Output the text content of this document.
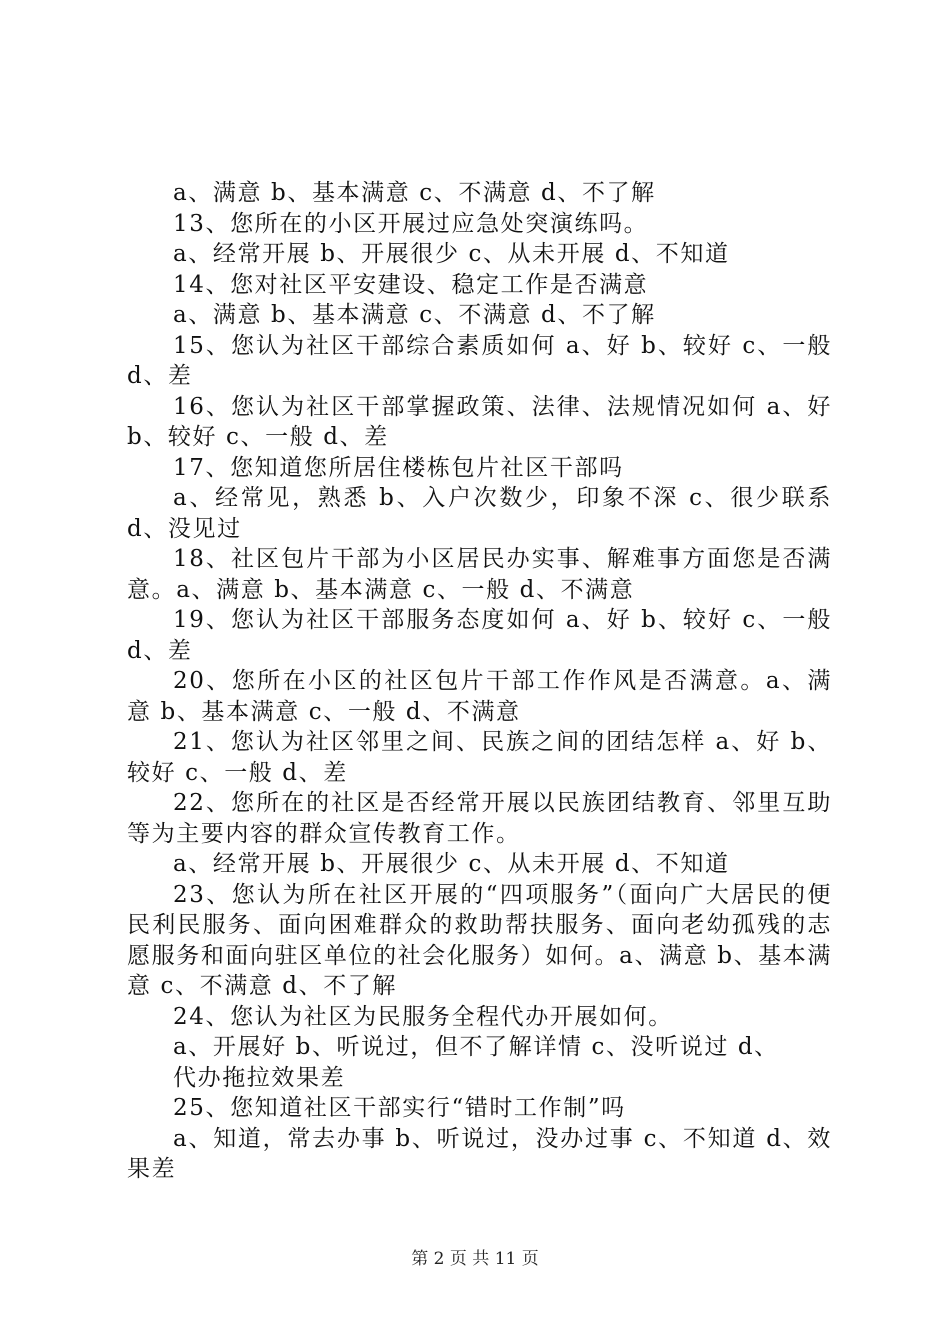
a、满意 b、基本满意 c、不满意 d、不了解

13、您所在的小区开展过应急处突演练吗。

a、经常开展 b、开展很少 c、从未开展 d、不知道

14、您对社区平安建设、稳定工作是否满意

a、满意 b、基本满意 c、不满意 d、不了解

15、您认为社区干部综合素质如何 a、好 b、较好 c、一般 d、差

16、您认为社区干部掌握政策、法律、法规情况如何 a、好 b、较好 c、一般 d、差

17、您知道您所居住楼栋包片社区干部吗

a、经常见，熟悉 b、入户次数少，印象不深 c、很少联系 d、没见过

18、社区包片干部为小区居民办实事、解难事方面您是否满意。a、满意 b、基本满意 c、一般 d、不满意

19、您认为社区干部服务态度如何 a、好 b、较好 c、一般 d、差

20、您所在小区的社区包片干部工作作风是否满意。a、满意 b、基本满意 c、一般 d、不满意

21、您认为社区邻里之间、民族之间的团结怎样 a、好 b、较好 c、一般 d、差

22、您所在的社区是否经常开展以民族团结教育、邻里互助等为主要内容的群众宣传教育工作。

a、经常开展 b、开展很少 c、从未开展 d、不知道

23、您认为所在社区开展的“四项服务”（面向广大居民的便民利民服务、面向困难群众的救助帮扶服务、面向老幼孤残的志愿服务和面向驻区单位的社会化服务）如何。a、满意 b、基本满意 c、不满意 d、不了解

24、您认为社区为民服务全程代办开展如何。

a、开展好 b、听说过，但不了解详情 c、没听说过 d、

代办拖拉效果差

25、您知道社区干部实行“错时工作制”吗

a、知道，常去办事 b、听说过，没办过事 c、不知道 d、效果差

第 2 页 共 11 页
